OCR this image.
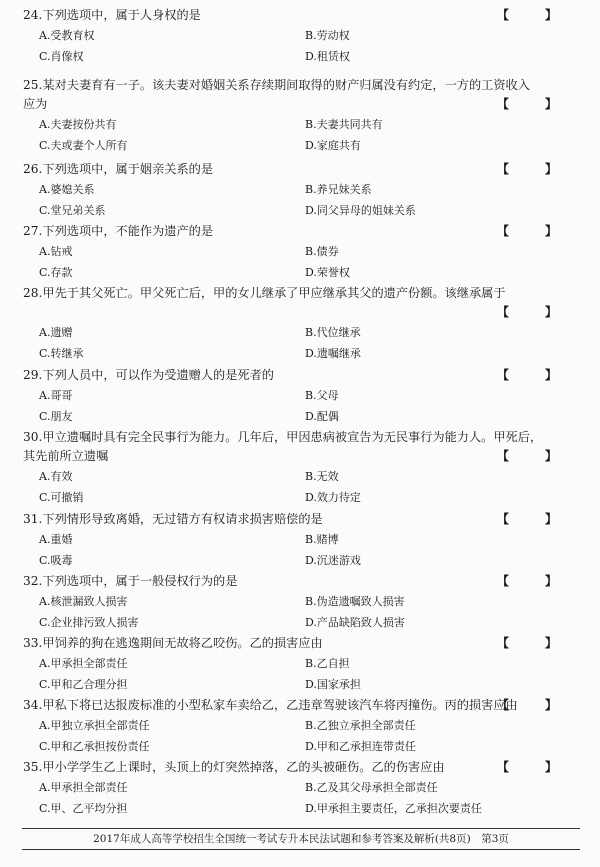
24.下列选项中，属于人身权的是	【 】
A.受教育权	B.劳动权
C.肖像权	D.租赁权
25.某对夫妻育有一子。该夫妻对婚姻关系存续期间取得的财产归属没有约定，一方的工资收入
应为	【 】
A.夫妻按份共有	B.夫妻共同共有
C.夫或妻个人所有	D.家庭共有
26.下列选项中，属于姻亲关系的是	【 】
A.婆媳关系	B.养兄妹关系
C.堂兄弟关系	D.同父异母的姐妹关系
27.下列选项中，不能作为遗产的是	【 】
A.钻戒	B.债券
C.存款	D.荣誉权
28.甲先于其父死亡。甲父死亡后，甲的女儿继承了甲应继承其父的遗产份额。该继承属于

【 】
A.遗赠	B.代位继承
C.转继承	D.遗嘱继承
29.下列人员中，可以作为受遗赠人的是死者的	【 】
A.哥哥	B.父母
C.朋友	D.配偶
30.甲立遗嘱时具有完全民事行为能力。几年后，甲因患病被宣告为无民事行为能力人。甲死后，
其先前所立遗嘱	【 】
A.有效	B.无效
C.可撤销	D.效力待定
31.下列情形导致离婚，无过错方有权请求损害赔偿的是	【 】
A.重婚	B.赌博
C.吸毒	D.沉迷游戏
32.下列选项中，属于一般侵权行为的是	【 】
A.核泄漏致人损害	B.伪造遗嘱致人损害
C.企业排污致人损害	D.产品缺陷致人损害
33.甲饲养的狗在逃逸期间无故将乙咬伤。乙的损害应由	【 】
A.甲承担全部责任	B.乙自担
C.甲和乙合理分担	D.国家承担
34.甲私下将已达报废标准的小型私家车卖给乙，乙违章驾驶该汽车将丙撞伤。丙的损害应由
【 】
A.甲独立承担全部责任	B.乙独立承担全部责任
C.甲和乙承担按份责任	D.甲和乙承担连带责任
35.甲小学学生乙上课时，头顶上的灯突然掉落，乙的头被砸伤。乙的伤害应由	【 】
A.甲承担全部责任	B.乙及其父母承担全部责任
C.甲、乙平均分担	D.甲承担主要责任，乙承担次要责任
2017年成人高等学校招生全国统一考试专升本民法试题和参考答案及解析(共8页)　第3页
